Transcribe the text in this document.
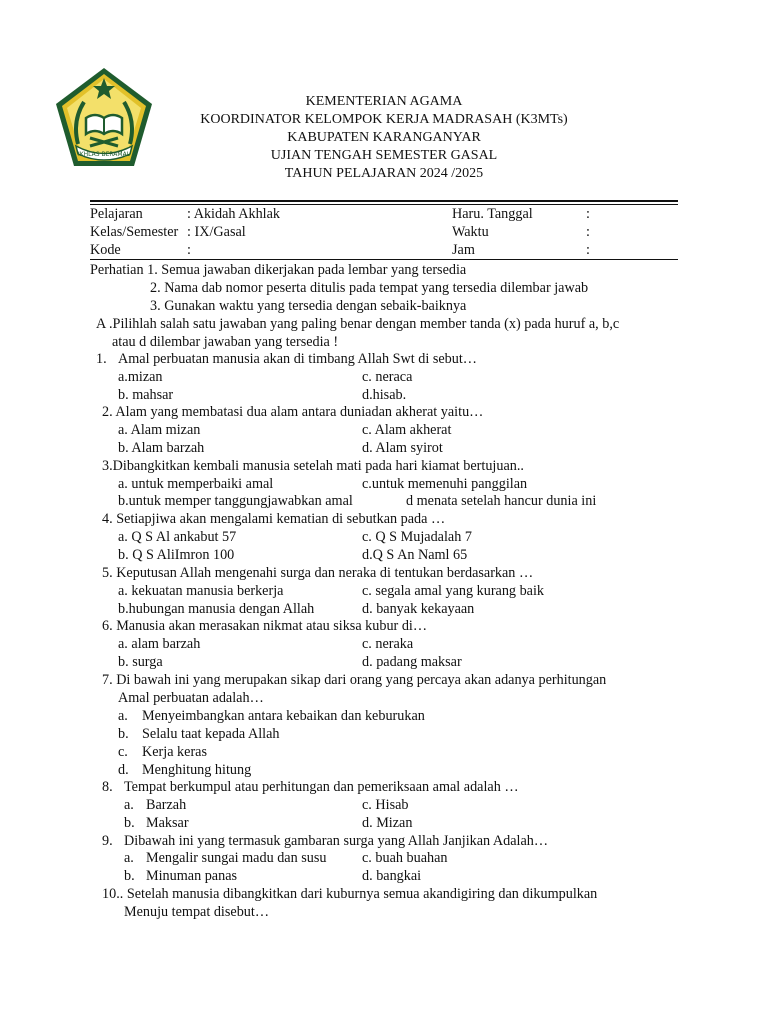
IKHLAS BERAMAL
KEMENTERIAN AGAMA
KOORDINATOR KELOMPOK KERJA MADRASAH (K3MTs)
KABUPATEN KARANGANYAR
UJIAN TENGAH SEMESTER GASAL
TAHUN PELAJARAN 2024 /2025
Pelajaran	: Akidah Akhlak	Haru. Tanggal	:
Kelas/Semester : IX/Gasal	Waktu	:
Kode	:	Jam	:
Perhatian 1. Semua jawaban dikerjakan pada lembar yang tersedia
2. Nama dab nomor peserta ditulis pada tempat yang tersedia dilembar jawab
3. Gunakan waktu yang tersedia dengan sebaik-baiknya
A .Pilihlah salah satu jawaban yang paling benar dengan member tanda (x) pada huruf a, b,c
atau d dilembar jawaban yang tersedia !
1. Amal perbuatan manusia akan di timbang Allah Swt di sebut…
a.mizan	c. neraca
b. mahsar	d.hisab.
2. Alam yang membatasi dua alam antara duniadan akherat yaitu…
a. Alam mizan	c. Alam akherat
b. Alam barzah	d. Alam syirot
3.Dibangkitkan kembali manusia setelah mati pada hari kiamat bertujuan..
a. untuk memperbaiki amal	c.untuk memenuhi panggilan
b.untuk memper tanggungjawabkan amal	d menata setelah hancur dunia ini
4. Setiapjiwa akan mengalami kematian di sebutkan pada …
a. Q S Al ankabut 57	c. Q S Mujadalah 7
b. Q S AliImron 100	d.Q S An Naml 65
5. Keputusan Allah mengenahi surga dan neraka di tentukan berdasarkan …
a. kekuatan manusia berkerja	c. segala amal yang kurang baik
b.hubungan manusia dengan Allah	d. banyak kekayaan
6. Manusia akan merasakan nikmat atau siksa kubur di…
a. alam barzah	c. neraka
b. surga	d. padang maksar
7. Di bawah ini yang merupakan sikap dari orang yang percaya akan adanya perhitungan
Amal perbuatan adalah…
a. Menyeimbangkan antara kebaikan dan keburukan
b. Selalu taat kepada Allah
c. Kerja keras
d. Menghitung hitung
8. Tempat berkumpul atau perhitungan dan pemeriksaan amal adalah …
a. Barzah	c. Hisab
b. Maksar	d. Mizan
9. Dibawah ini yang termasuk gambaran surga yang Allah Janjikan Adalah…
a. Mengalir sungai madu dan susu	c. buah buahan
b. Minuman panas	d. bangkai
10.. Setelah manusia dibangkitkan dari kuburnya semua akandigiring dan dikumpulkan
Menuju tempat disebut…
